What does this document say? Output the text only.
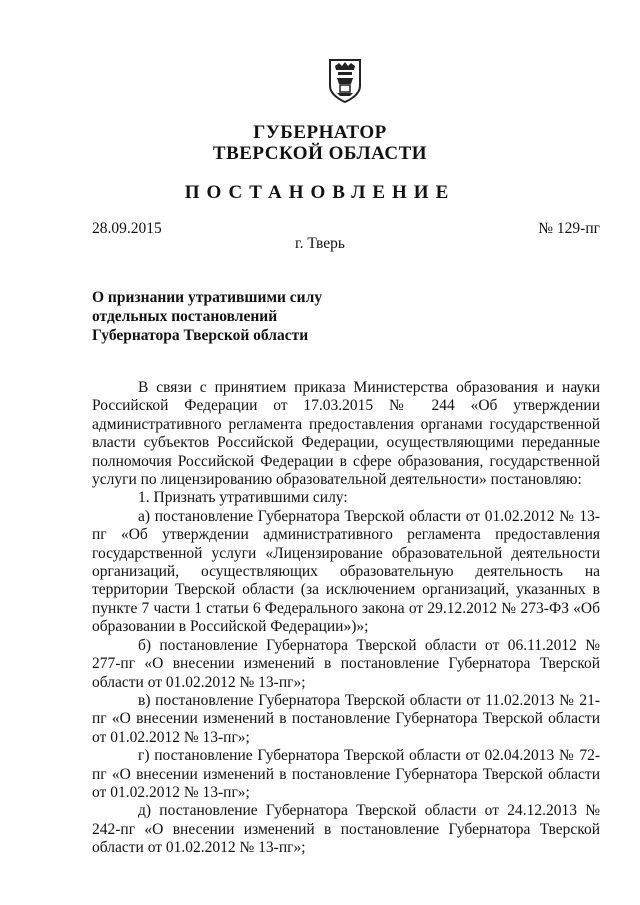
ГУБЕРНАТОР
ТВЕРСКОЙ ОБЛАСТИ
ПОСТАНОВЛЕНИЕ
28.09.2015	№ 129-пг
г. Тверь
О признании утратившими силу
отдельных постановлений
Губернатора Тверской области

В связи с принятием приказа Министерства образования и науки Российской Федерации от 17.03.2015 № 244 «Об утверждении административного регламента предоставления органами государственной власти субъектов Российской Федерации, осуществляющими переданные полномочия Российской Федерации в сфере образования, государственной услуги по лицензированию образовательной деятельности» постановляю:

1. Признать утратившими силу:

а) постановление Губернатора Тверской области от 01.02.2012 № 13-пг «Об утверждении административного регламента предоставления государственной услуги «Лицензирование образовательной деятельности организаций, осуществляющих образовательную деятельность на территории Тверской области (за исключением организаций, указанных в пункте 7 части 1 статьи 6 Федерального закона от 29.12.2012 № 273-ФЗ «Об образовании в Российской Федерации»)»;

б) постановление Губернатора Тверской области от 06.11.2012 № 277-пг «О внесении изменений в постановление Губернатора Тверской области от 01.02.2012 № 13-пг»;

в) постановление Губернатора Тверской области от 11.02.2013 № 21-пг «О внесении изменений в постановление Губернатора Тверской области от 01.02.2012 № 13-пг»;

г) постановление Губернатора Тверской области от 02.04.2013 № 72-пг «О внесении изменений в постановление Губернатора Тверской области от 01.02.2012 № 13-пг»;

д) постановление Губернатора Тверской области от 24.12.2013 № 242-пг «О внесении изменений в постановление Губернатора Тверской области от 01.02.2012 № 13-пг»;
